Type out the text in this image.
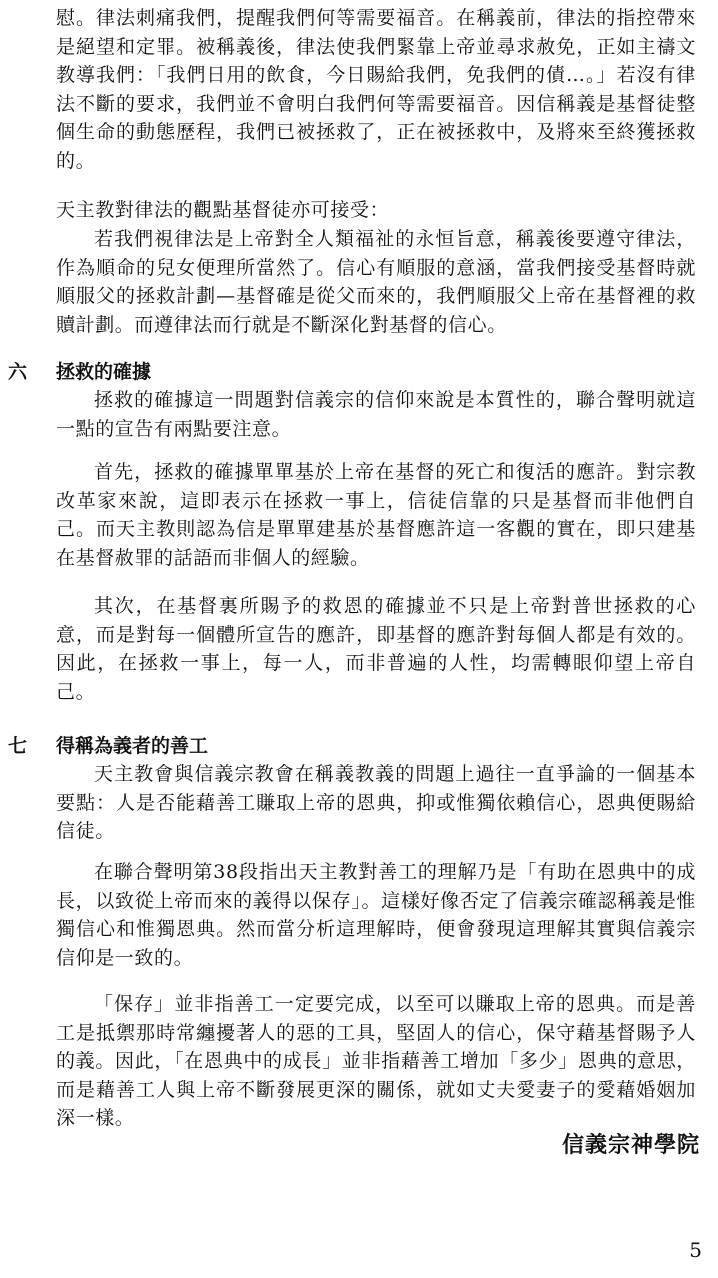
慰。律法刺痛我們，提醒我們何等需要福音。在稱義前，律法的指控帶來是絕望和定罪。被稱義後，律法使我們緊靠上帝並尋求赦免，正如主禱文教導我們：「我們日用的飲食，今日賜給我們，免我們的債…。」若沒有律法不斷的要求，我們並不會明白我們何等需要福音。因信稱義是基督徒整個生命的動態歷程，我們已被拯救了，正在被拯救中，及將來至終獲拯救的。

天主教對律法的觀點基督徒亦可接受：

若我們視律法是上帝對全人類福祉的永恒旨意，稱義後要遵守律法，作為順命的兒女便理所當然了。信心有順服的意涵，當我們接受基督時就順服父的拯救計劃—基督確是從父而來的，我們順服父上帝在基督裡的救贖計劃。而遵律法而行就是不斷深化對基督的信心。

六 拯救的確據

拯救的確據這一問題對信義宗的信仰來說是本質性的，聯合聲明就這一點的宣告有兩點要注意。

首先，拯救的確據單單基於上帝在基督的死亡和復活的應許。對宗教改革家來說，這即表示在拯救一事上，信徒信靠的只是基督而非他們自己。而天主教則認為信是單單建基於基督應許這一客觀的實在，即只建基在基督赦罪的話語而非個人的經驗。

其次，在基督裏所賜予的救恩的確據並不只是上帝對普世拯救的心意，而是對每一個體所宣告的應許，即基督的應許對每個人都是有效的。因此，在拯救一事上，每一人，而非普遍的人性，均需轉眼仰望上帝自己。

七 得稱為義者的善工

天主教會與信義宗教會在稱義教義的問題上過往一直爭論的一個基本要點：人是否能藉善工賺取上帝的恩典，抑或惟獨依賴信心，恩典便賜給信徒。

在聯合聲明第38段指出天主教對善工的理解乃是「有助在恩典中的成長，以致從上帝而來的義得以保存」。這樣好像否定了信義宗確認稱義是惟獨信心和惟獨恩典。然而當分析這理解時，便會發現這理解其實與信義宗信仰是一致的。

「保存」並非指善工一定要完成，以至可以賺取上帝的恩典。而是善工是抵禦那時常纏擾著人的惡的工具，堅固人的信心，保守藉基督賜予人的義。因此，「在恩典中的成長」並非指藉善工增加「多少」恩典的意思，而是藉善工人與上帝不斷發展更深的關係，就如丈夫愛妻子的愛藉婚姻加深一樣。

信義宗神學院
5
